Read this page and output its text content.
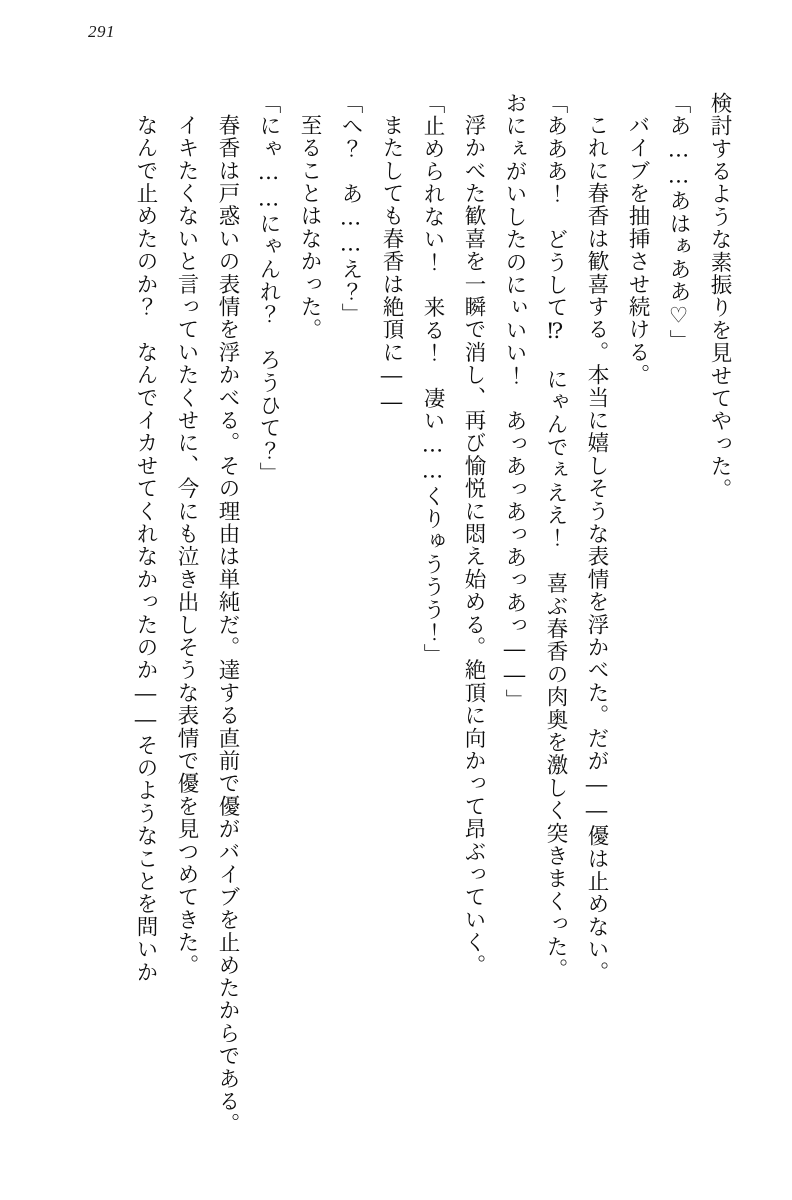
291

検討するような素振りを見せてやった。

「あ……あはぁああ♡」

バイブを抽挿させ続ける。

これに春香は歓喜する。本当に嬉しそうな表情を浮かべた。だが――優は止めない。

「あああ！　どうして⁉　にゃんでぇええ！　喜ぶ春香の肉奥を激しく突きまくった。

おにぇがいしたのにぃいい！　あっあっあっあっあっ――」

浮かべた歓喜を一瞬で消し、再び愉悦に悶え始める。絶頂に向かって昂ぶっていく。

「止められない！　来る！　凄い……くりゅううう！」

またしても春香は絶頂に――

「へ？　あ……え？」

至ることはなかった。

「にゃ……にゃんれ？　ろうひて？」

春香は戸惑いの表情を浮かべる。その理由は単純だ。達する直前で優がバイブを止めたからである。

イキたくないと言っていたくせに、今にも泣き出しそうな表情で優を見つめてきた。

なんで止めたのか？　なんでイカせてくれなかったのか――そのようなことを問いか
